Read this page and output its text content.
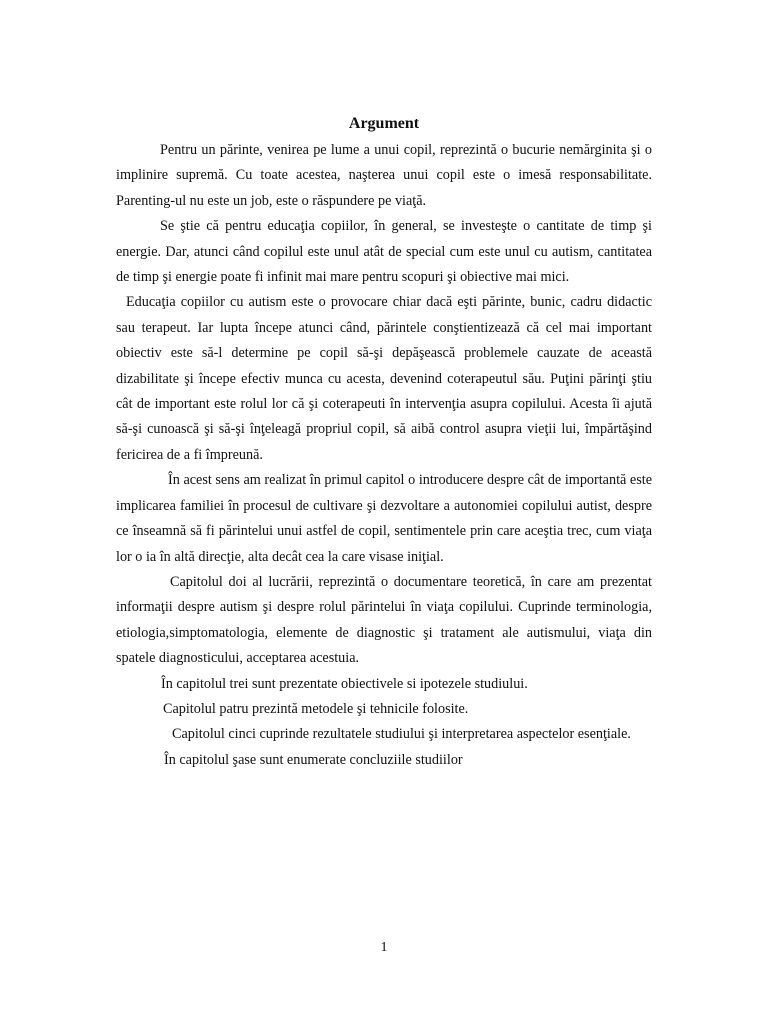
Argument

Pentru un părinte, venirea pe lume a unui copil, reprezintă o bucurie nemărginita şi o implinire supremă. Cu toate acestea, naşterea unui copil este o imesă responsabilitate. Parenting-ul nu este un job, este o răspundere pe viaţă.

Se ştie că pentru educaţia copiilor, în general, se investeşte o cantitate de timp şi energie. Dar, atunci când copilul este unul atât de special cum este unul cu autism, cantitatea de timp şi energie poate fi infinit mai mare pentru scopuri şi obiective mai mici.

Educaţia copiilor cu autism este o provocare chiar dacă eşti părinte, bunic, cadru didactic sau terapeut. Iar lupta începe atunci când, părintele conştientizează că cel mai important obiectiv este să-l determine pe copil să-şi depăşească problemele cauzate de această dizabilitate şi începe efectiv munca cu acesta, devenind coterapeutul său. Puţini părinţi ştiu cât de important este rolul lor că şi coterapeuti în intervenţia asupra copilului. Acesta îi ajută să-şi cunoască şi să-şi înţeleagă propriul copil, să aibă control asupra vieţii lui, împărtăşind fericirea de a fi împreună.

În acest sens am realizat în primul capitol o introducere despre cât de importantă este implicarea familiei în procesul de cultivare şi dezvoltare a autonomiei copilului autist, despre ce înseamnă să fi părintelui unui astfel de copil, sentimentele prin care aceştia trec, cum viaţa lor o ia în altă direcţie, alta decât cea la care visase iniţial.

Capitolul doi al lucrării, reprezintă o documentare teoretică, în care am prezentat informaţii despre autism şi despre rolul părintelui în viaţa copilului. Cuprinde terminologia, etiologia,simptomatologia, elemente de diagnostic şi tratament ale autismului, viaţa din spatele diagnosticului, acceptarea acestuia.

În capitolul trei sunt prezentate obiectivele si ipotezele studiului.

Capitolul patru prezintă metodele şi tehnicile folosite.

Capitolul cinci cuprinde rezultatele studiului şi interpretarea aspectelor esenţiale.

În capitolul şase sunt enumerate concluziile studiilor

1
